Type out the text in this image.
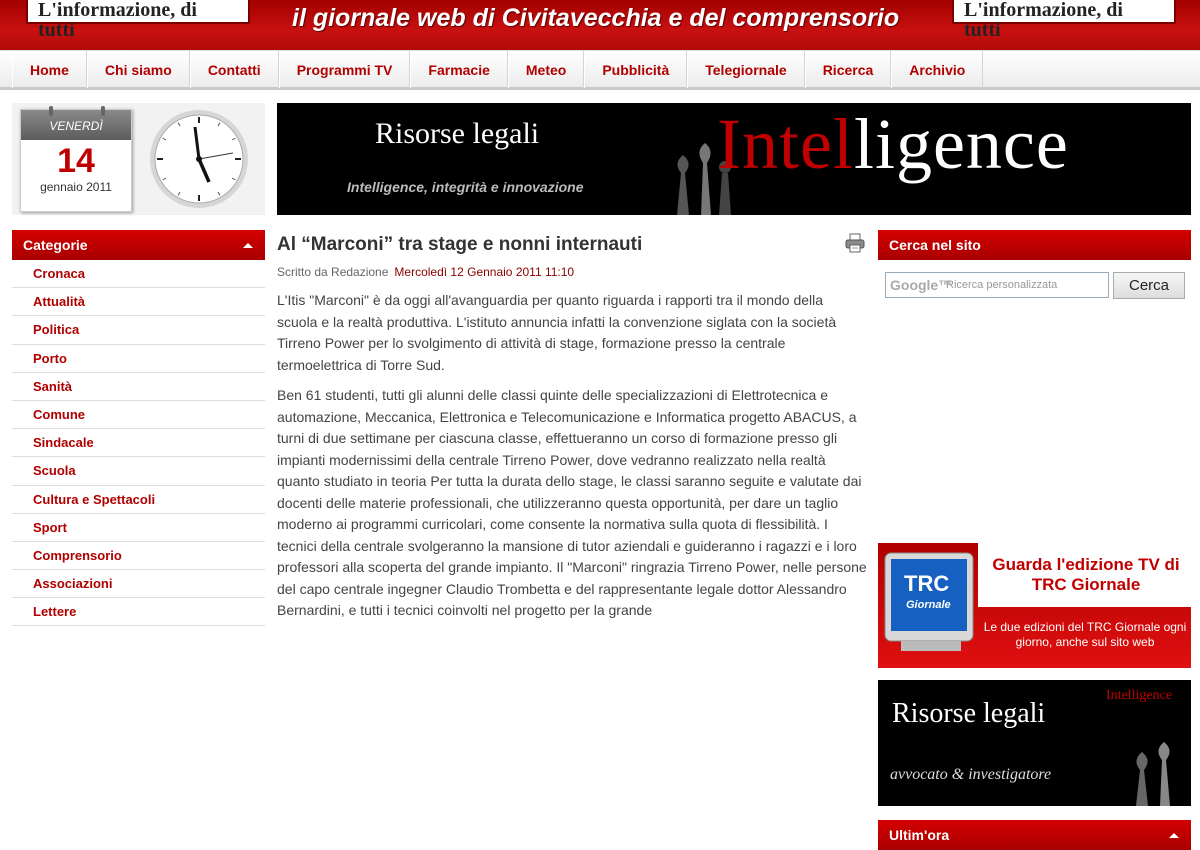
L'informazione, di tutti	il giornale web di Civitavecchia e del comprensorio	L'informazione, di tutti
Home	Chi siamo	Contatti	Programmi TV	Farmacie	Meteo	Pubblicità	Telegiornale	Ricerca	Archivio
VENERDÌ
14
gennaio 2011
Risorse legali
Intelligence, integrità e innovazione
Intelligence
Categorie
Cronaca
Attualità
Politica
Porto
Sanità
Comune
Sindacale
Scuola
Cultura e Spettacoli
Sport
Comprensorio
Associazioni
Lettere
Al “Marconi” tra stage e nonni internauti
Scritto da Redazione Mercoledì 12 Gennaio 2011 11:10

L'Itis "Marconi" è da oggi all'avanguardia per quanto riguarda i rapporti tra il mondo della scuola e la realtà produttiva. L'istituto annuncia infatti la convenzione siglata con la società Tirreno Power per lo svolgimento di attività di stage, formazione presso la centrale termoelettrica di Torre Sud.

Ben 61 studenti, tutti gli alunni delle classi quinte delle specializzazioni di Elettrotecnica e automazione, Meccanica, Elettronica e Telecomunicazione e Informatica progetto ABACUS, a turni di due settimane per ciascuna classe, effettueranno un corso di formazione presso gli impianti modernissimi della centrale Tirreno Power, dove vedranno realizzato nella realtà quanto studiato in teoria Per tutta la durata dello stage, le classi saranno seguite e valutate dai docenti delle materie professionali, che utilizzeranno questa opportunità, per dare un taglio moderno ai programmi curricolari, come consente la normativa sulla quota di flessibilità. I tecnici della centrale svolgeranno la mansione di tutor aziendali e guideranno i ragazzi e i loro professori alla scoperta del grande impianto. Il "Marconi" ringrazia Tirreno Power, nelle persone del capo centrale ingegner Claudio Trombetta e del rappresentante legale dottor Alessandro Bernardini, e tutti i tecnici coinvolti nel progetto per la grande

Cerca nel sito
Ricerca personalizzata
Google™	Cerca
TRC
Giornale
Guarda l'edizione TV di TRC Giornale
Le due edizioni del TRC Giornale ogni giorno, anche sul sito web
Intelligence
Risorse legali
avvocato & investigatore
Ultim'ora
